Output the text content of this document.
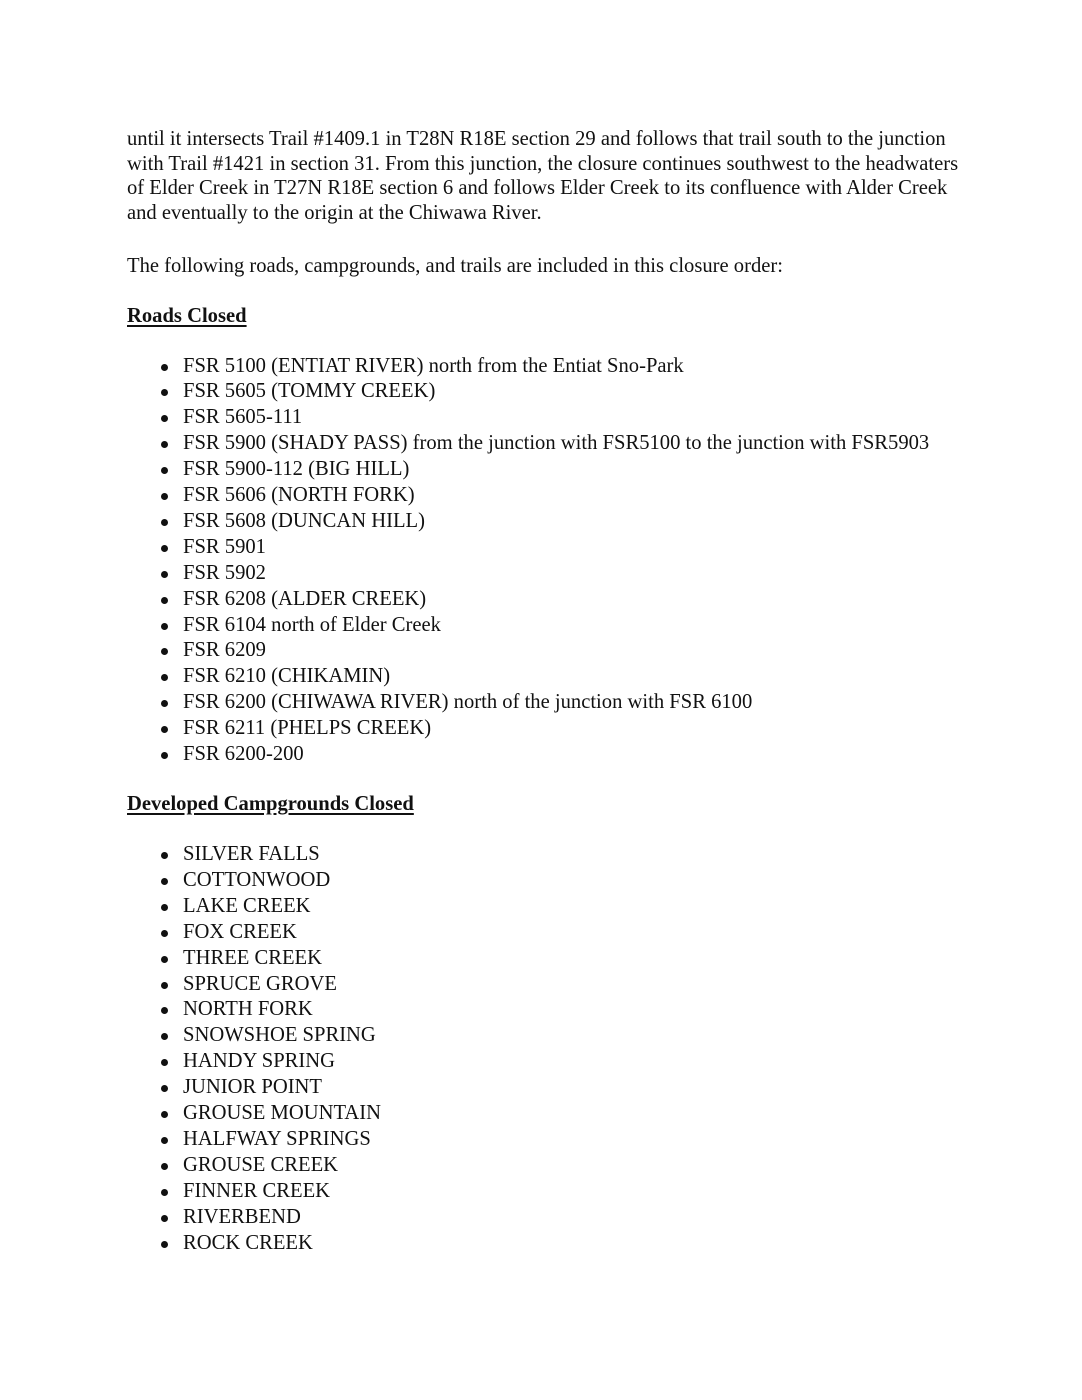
until it intersects Trail #1409.1 in T28N R18E section 29 and follows that trail south to the junction with Trail #1421 in section 31. From this junction, the closure continues southwest to the headwaters of Elder Creek in T27N R18E section 6 and follows Elder Creek to its confluence with Alder Creek and eventually to the origin at the Chiwawa River.

The following roads, campgrounds, and trails are included in this closure order:

Roads Closed
FSR 5100 (ENTIAT RIVER) north from the Entiat Sno-Park
FSR 5605 (TOMMY CREEK)
FSR 5605-111
FSR 5900 (SHADY PASS) from the junction with FSR5100 to the junction with FSR5903
FSR 5900-112 (BIG HILL)
FSR 5606 (NORTH FORK)
FSR 5608 (DUNCAN HILL)
FSR 5901
FSR 5902
FSR 6208 (ALDER CREEK)
FSR 6104 north of Elder Creek
FSR 6209
FSR 6210 (CHIKAMIN)
FSR 6200 (CHIWAWA RIVER) north of the junction with FSR 6100
FSR 6211 (PHELPS CREEK)
FSR 6200-200
Developed Campgrounds Closed
SILVER FALLS
COTTONWOOD
LAKE CREEK
FOX CREEK
THREE CREEK
SPRUCE GROVE
NORTH FORK
SNOWSHOE SPRING
HANDY SPRING
JUNIOR POINT
GROUSE MOUNTAIN
HALFWAY SPRINGS
GROUSE CREEK
FINNER CREEK
RIVERBEND
ROCK CREEK
